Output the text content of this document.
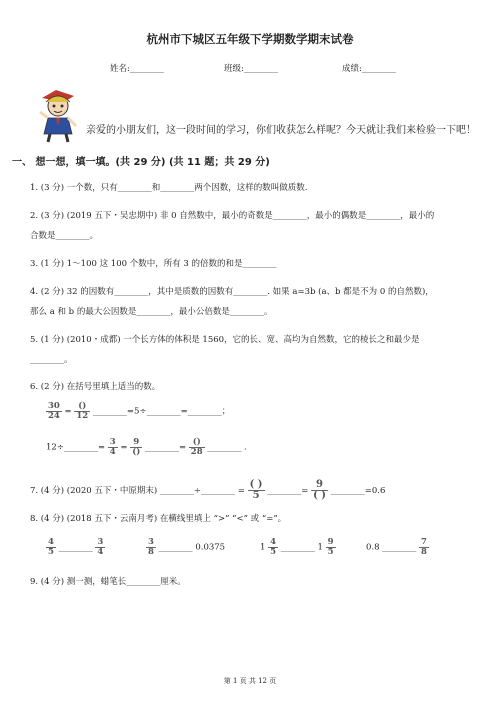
杭州市下城区五年级下学期数学期末试卷
姓名:________	班级:________	成绩:________
亲爱的小朋友们，这一段时间的学习，你们收获怎么样呢？今天就让我们来检验一下吧！
一、 想一想，填一填。(共 29 分) (共 11 题；共 29 分)
1. (3 分) 一个数，只有________和________两个因数，这样的数叫做质数.
2. (3 分) (2019 五下・吴忠期中) 非 0 自然数中，最小的奇数是________，最小的偶数是________，最小的
合数是________。
3. (1 分) 1～100 这 100 个数中，所有 3 的倍数的和是________
4. (2 分) 32 的因数有________，其中是质数的因数有________. 如果 a=3b (a、b 都是不为 0 的自然数)，
那么 a 和 b 的最大公因数是________，最小公倍数是________。
5. (1 分) (2010・成都) 一个长方体的体积是 1560，它的长、宽、高均为自然数，它的棱长之和最少是
________。
6. (2 分) 在括号里填上适当的数。
$\frac{30}{24} = \frac{()}{12}$ ________=5÷________=________；
12÷________= $\frac{3}{4} = \frac{9}{()}$ ________= $\frac{()}{28}$ ________ .
7. (4 分) (2020 五下・中原期末) ________÷________ = $\frac{( )}{5}$ ________= $\frac{9}{( )}$ ________=0.6
8. (4 分) (2018 五下・云南月考) 在横线里填上 “>” “<” 或 “=”。
$\frac{4}{5}$ ________ $\frac{3}{4}$	$\frac{3}{8}$ ________ 0.0375	$1 \frac{4}{5}$ ________ $1 \frac{9}{5}$	0.8 ________ $\frac{7}{8}$
9. (4 分) 测一测，蜡笔长________厘米。
第 1 页 共 12 页
